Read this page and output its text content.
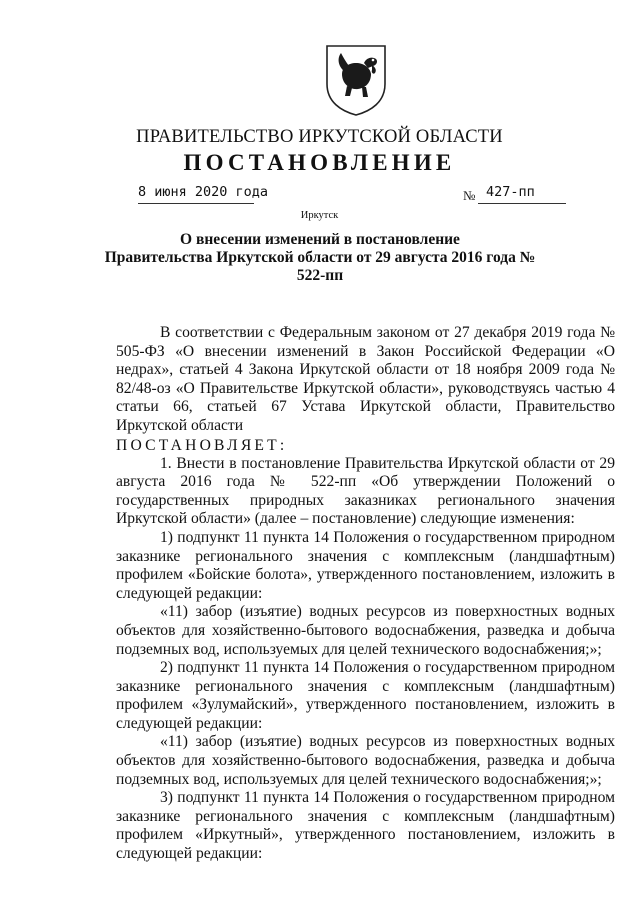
ПРАВИТЕЛЬСТВО ИРКУТСКОЙ ОБЛАСТИ
ПОСТАНОВЛЕНИЕ
8 июня 2020 года	№ 427-пп
Иркутск
О внесении изменений в постановление
Правительства Иркутской области от 29 августа 2016 года № 522-пп

В соответствии с Федеральным законом от 27 декабря 2019 года № 505-ФЗ «О внесении изменений в Закон Российской Федерации «О недрах», статьей 4 Закона Иркутской области от 18 ноября 2009 года № 82/48-оз «О Правительстве Иркутской области», руководствуясь частью 4 статьи 66, статьей 67 Устава Иркутской области, Правительство Иркутской области

ПОСТАНОВЛЯЕТ:

1. Внести в постановление Правительства Иркутской области от 29 августа 2016 года № 522-пп «Об утверждении Положений о государственных природных заказниках регионального значения Иркутской области» (далее – постановление) следующие изменения:

1) подпункт 11 пункта 14 Положения о государственном природном заказнике регионального значения с комплексным (ландшафтным) профилем «Бойские болота», утвержденного постановлением, изложить в следующей редакции:

«11) забор (изъятие) водных ресурсов из поверхностных водных объектов для хозяйственно-бытового водоснабжения, разведка и добыча подземных вод, используемых для целей технического водоснабжения;»;

2) подпункт 11 пункта 14 Положения о государственном природном заказнике регионального значения с комплексным (ландшафтным) профилем «Зулумайский», утвержденного постановлением, изложить в следующей редакции:

«11) забор (изъятие) водных ресурсов из поверхностных водных объектов для хозяйственно-бытового водоснабжения, разведка и добыча подземных вод, используемых для целей технического водоснабжения;»;

3) подпункт 11 пункта 14 Положения о государственном природном заказнике регионального значения с комплексным (ландшафтным) профилем «Иркутный», утвержденного постановлением, изложить в следующей редакции:
